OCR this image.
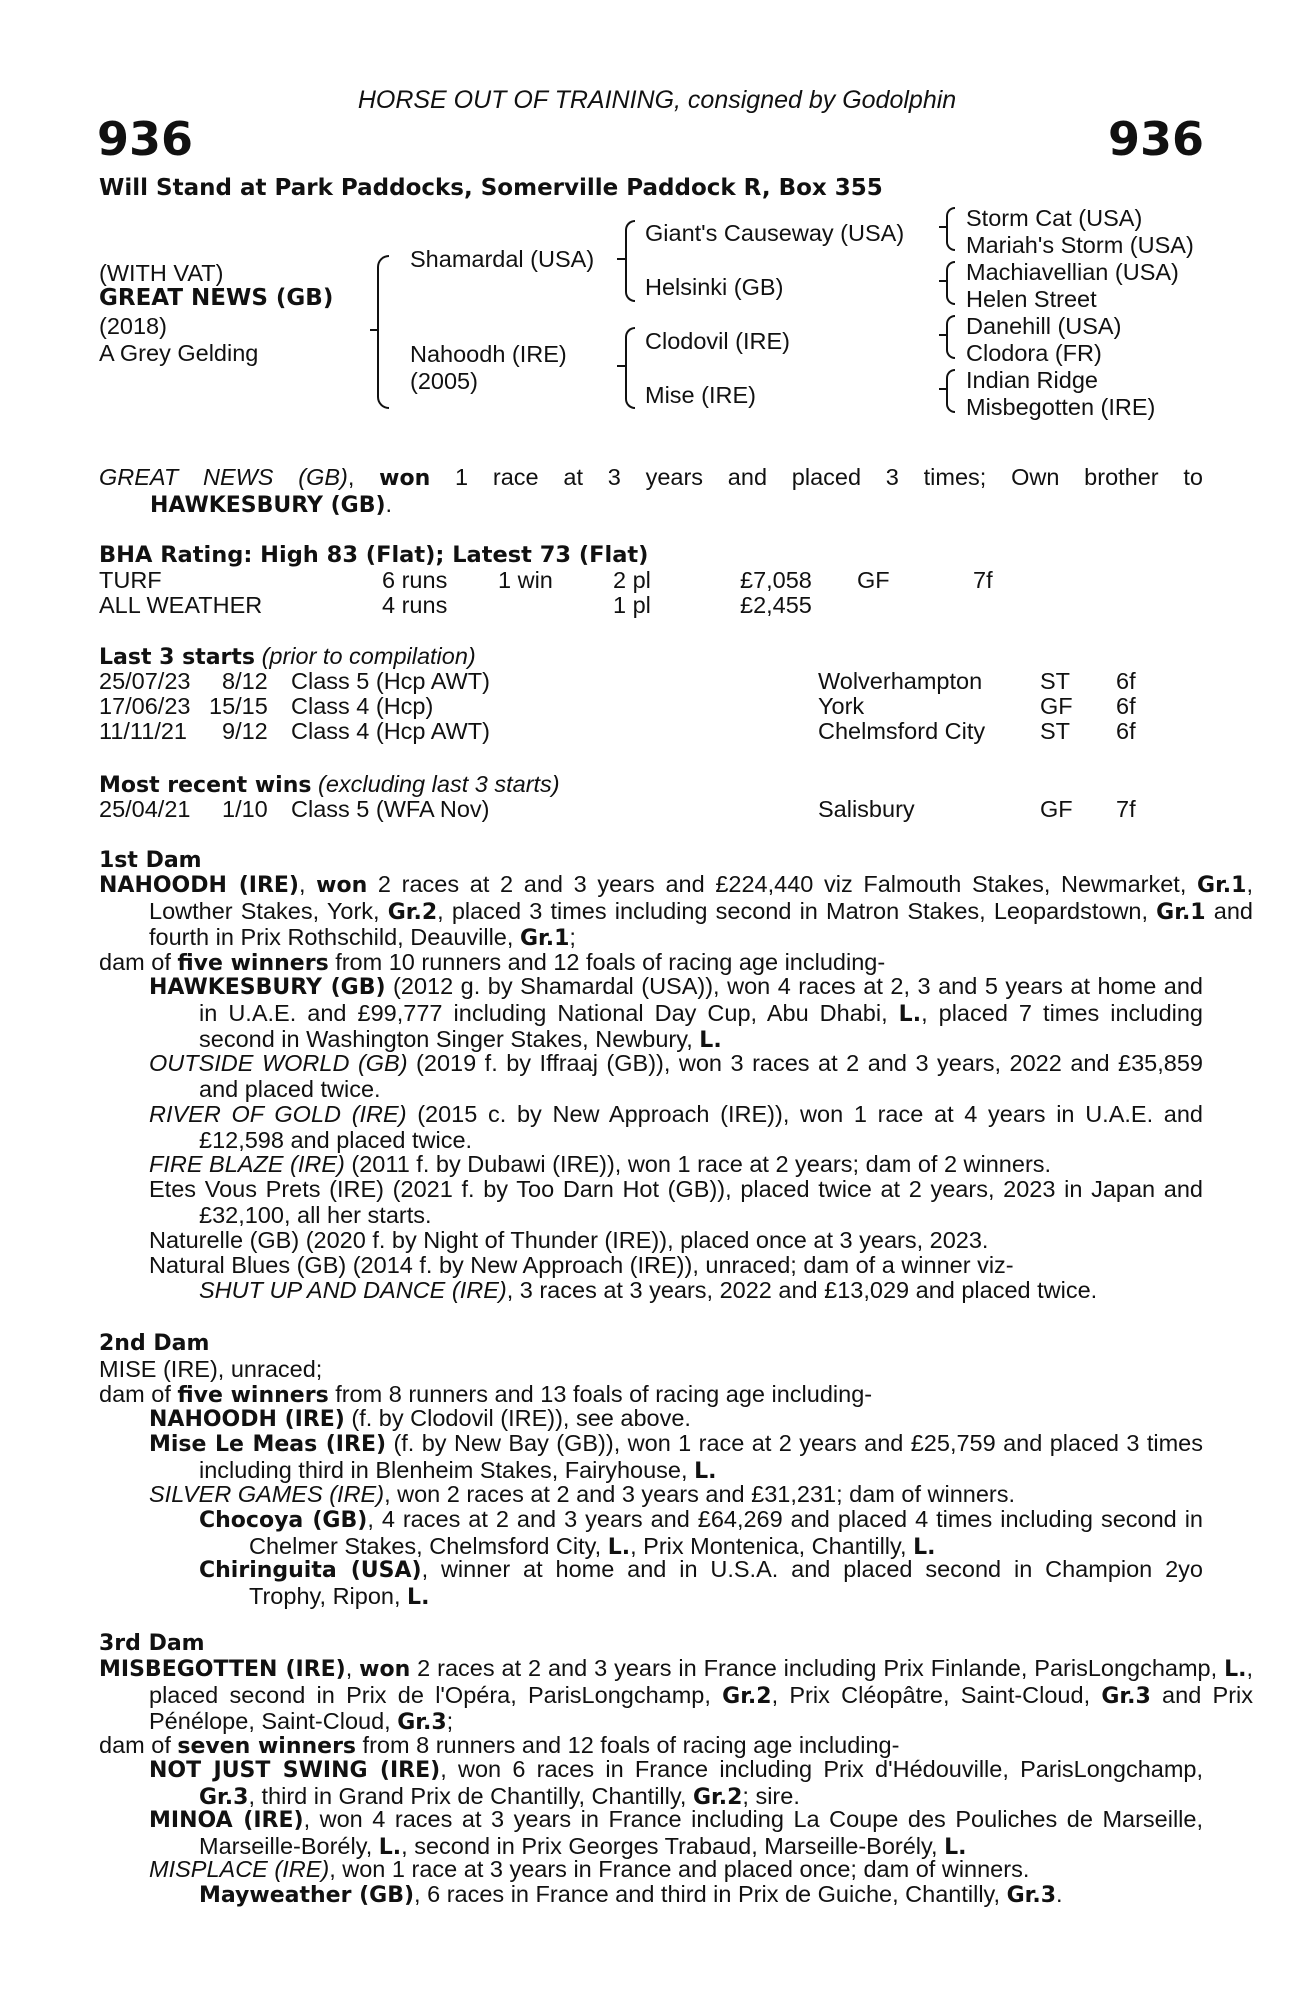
HORSE OUT OF TRAINING, consigned by Godolphin
936	936
Will Stand at Park Paddocks, Somerville Paddock R, Box 355
(WITH VAT)
GREAT NEWS (GB)
(2018)
A Grey Gelding
Shamardal (USA)
Nahoodh (IRE)
(2005)
Giant's Causeway (USA)
Helsinki (GB)
Clodovil (IRE)
Mise (IRE)
Storm Cat (USA)
Mariah's Storm (USA)
Machiavellian (USA)
Helen Street
Danehill (USA)
Clodora (FR)
Indian Ridge
Misbegotten (IRE)
GREAT NEWS (GB), won 1 race at 3 years and placed 3 times; Own brother to
HAWKESBURY (GB).
BHA Rating: High 83 (Flat); Latest 73 (Flat)
TURF	6 runs 1 win	2 pl	£7,058 GF	7f
ALL WEATHER	4 runs	1 pl	£2,455
Last 3 starts (prior to compilation)
25/07/23 8/12 Class 5 (Hcp AWT)	Wolverhampton ST 6f
17/06/23 15/15 Class 4 (Hcp)	York	GF 6f
11/11/21 9/12 Class 4 (Hcp AWT)	Chelmsford City ST 6f
Most recent wins (excluding last 3 starts)
25/04/21 1/10 Class 5 (WFA Nov)	Salisbury	GF 7f
1st Dam
NAHOODH (IRE), won 2 races at 2 and 3 years and £224,440 viz Falmouth Stakes, Newmarket, Gr.1, Lowther Stakes, York, Gr.2, placed 3 times including second in Matron Stakes, Leopardstown, Gr.1 and fourth in Prix Rothschild, Deauville, Gr.1;
dam of five winners from 10 runners and 12 foals of racing age including-
HAWKESBURY (GB) (2012 g. by Shamardal (USA)), won 4 races at 2, 3 and 5 years at home and in U.A.E. and £99,777 including National Day Cup, Abu Dhabi, L., placed 7 times including second in Washington Singer Stakes, Newbury, L.
OUTSIDE WORLD (GB) (2019 f. by Iffraaj (GB)), won 3 races at 2 and 3 years, 2022 and £35,859 and placed twice.
RIVER OF GOLD (IRE) (2015 c. by New Approach (IRE)), won 1 race at 4 years in U.A.E. and £12,598 and placed twice.
FIRE BLAZE (IRE) (2011 f. by Dubawi (IRE)), won 1 race at 2 years; dam of 2 winners.
Etes Vous Prets (IRE) (2021 f. by Too Darn Hot (GB)), placed twice at 2 years, 2023 in Japan and £32,100, all her starts.
Naturelle (GB) (2020 f. by Night of Thunder (IRE)), placed once at 3 years, 2023.
Natural Blues (GB) (2014 f. by New Approach (IRE)), unraced; dam of a winner viz-
SHUT UP AND DANCE (IRE), 3 races at 3 years, 2022 and £13,029 and placed twice.
2nd Dam
MISE (IRE), unraced;
dam of five winners from 8 runners and 13 foals of racing age including-
NAHOODH (IRE) (f. by Clodovil (IRE)), see above.
Mise Le Meas (IRE) (f. by New Bay (GB)), won 1 race at 2 years and £25,759 and placed 3 times including third in Blenheim Stakes, Fairyhouse, L.
SILVER GAMES (IRE), won 2 races at 2 and 3 years and £31,231; dam of winners.
Chocoya (GB), 4 races at 2 and 3 years and £64,269 and placed 4 times including second in Chelmer Stakes, Chelmsford City, L., Prix Montenica, Chantilly, L.
Chiringuita (USA), winner at home and in U.S.A. and placed second in Champion 2yo Trophy, Ripon, L.
3rd Dam
MISBEGOTTEN (IRE), won 2 races at 2 and 3 years in France including Prix Finlande, ParisLongchamp, L., placed second in Prix de l'Opéra, ParisLongchamp, Gr.2, Prix Cléopâtre, Saint-Cloud, Gr.3 and Prix Pénélope, Saint-Cloud, Gr.3;
dam of seven winners from 8 runners and 12 foals of racing age including-
NOT JUST SWING (IRE), won 6 races in France including Prix d'Hédouville, ParisLongchamp, Gr.3, third in Grand Prix de Chantilly, Chantilly, Gr.2; sire.
MINOA (IRE), won 4 races at 3 years in France including La Coupe des Pouliches de Marseille, Marseille-Borély, L., second in Prix Georges Trabaud, Marseille-Borély, L.
MISPLACE (IRE), won 1 race at 3 years in France and placed once; dam of winners.
Mayweather (GB), 6 races in France and third in Prix de Guiche, Chantilly, Gr.3.
